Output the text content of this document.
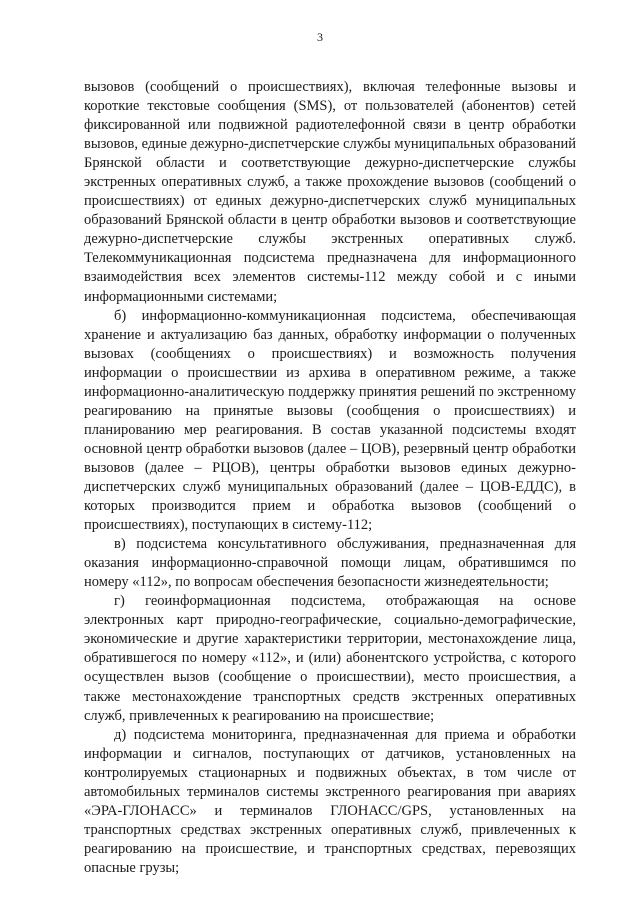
3

вызовов (сообщений о происшествиях), включая телефонные вызовы и короткие текстовые сообщения (SMS), от пользователей (абонентов) сетей фиксированной или подвижной радиотелефонной связи в центр обработки вызовов, единые дежурно-диспетчерские службы муниципальных образований Брянской области и соответствующие дежурно-диспетчерские службы экстренных оперативных служб, а также прохождение вызовов (сообщений о происшествиях) от единых дежурно-диспетчерских служб муниципальных образований Брянской области в центр обработки вызовов и соответствующие дежурно-диспетчерские службы экстренных оперативных служб. Телекоммуникационная подсистема предназначена для информационного взаимодействия всех элементов системы-112 между собой и с иными информационными системами;

б) информационно-коммуникационная подсистема, обеспечивающая хранение и актуализацию баз данных, обработку информации о полученных вызовах (сообщениях о происшествиях) и возможность получения информации о происшествии из архива в оперативном режиме, а также информационно-аналитическую поддержку принятия решений по экстренному реагированию на принятые вызовы (сообщения о происшествиях) и планированию мер реагирования. В состав указанной подсистемы входят основной центр обработки вызовов (далее – ЦОВ), резервный центр обработки вызовов (далее – РЦОВ), центры обработки вызовов единых дежурно-диспетчерских служб муниципальных образований (далее – ЦОВ-ЕДДС), в которых производится прием и обработка вызовов (сообщений о происшествиях), поступающих в систему-112;

в) подсистема консультативного обслуживания, предназначенная для оказания информационно-справочной помощи лицам, обратившимся по номеру «112», по вопросам обеспечения безопасности жизнедеятельности;

г) геоинформационная подсистема, отображающая на основе электронных карт природно-географические, социально-демографические, экономические и другие характеристики территории, местонахождение лица, обратившегося по номеру «112», и (или) абонентского устройства, с которого осуществлен вызов (сообщение о происшествии), место происшествия, а также местонахождение транспортных средств экстренных оперативных служб, привлеченных к реагированию на происшествие;

д) подсистема мониторинга, предназначенная для приема и обработки информации и сигналов, поступающих от датчиков, установленных на контролируемых стационарных и подвижных объектах, в том числе от автомобильных терминалов системы экстренного реагирования при авариях «ЭРА-ГЛОНАСС» и терминалов ГЛОНАСС/GPS, установленных на транспортных средствах экстренных оперативных служб, привлеченных к реагированию на происшествие, и транспортных средствах, перевозящих опасные грузы;
